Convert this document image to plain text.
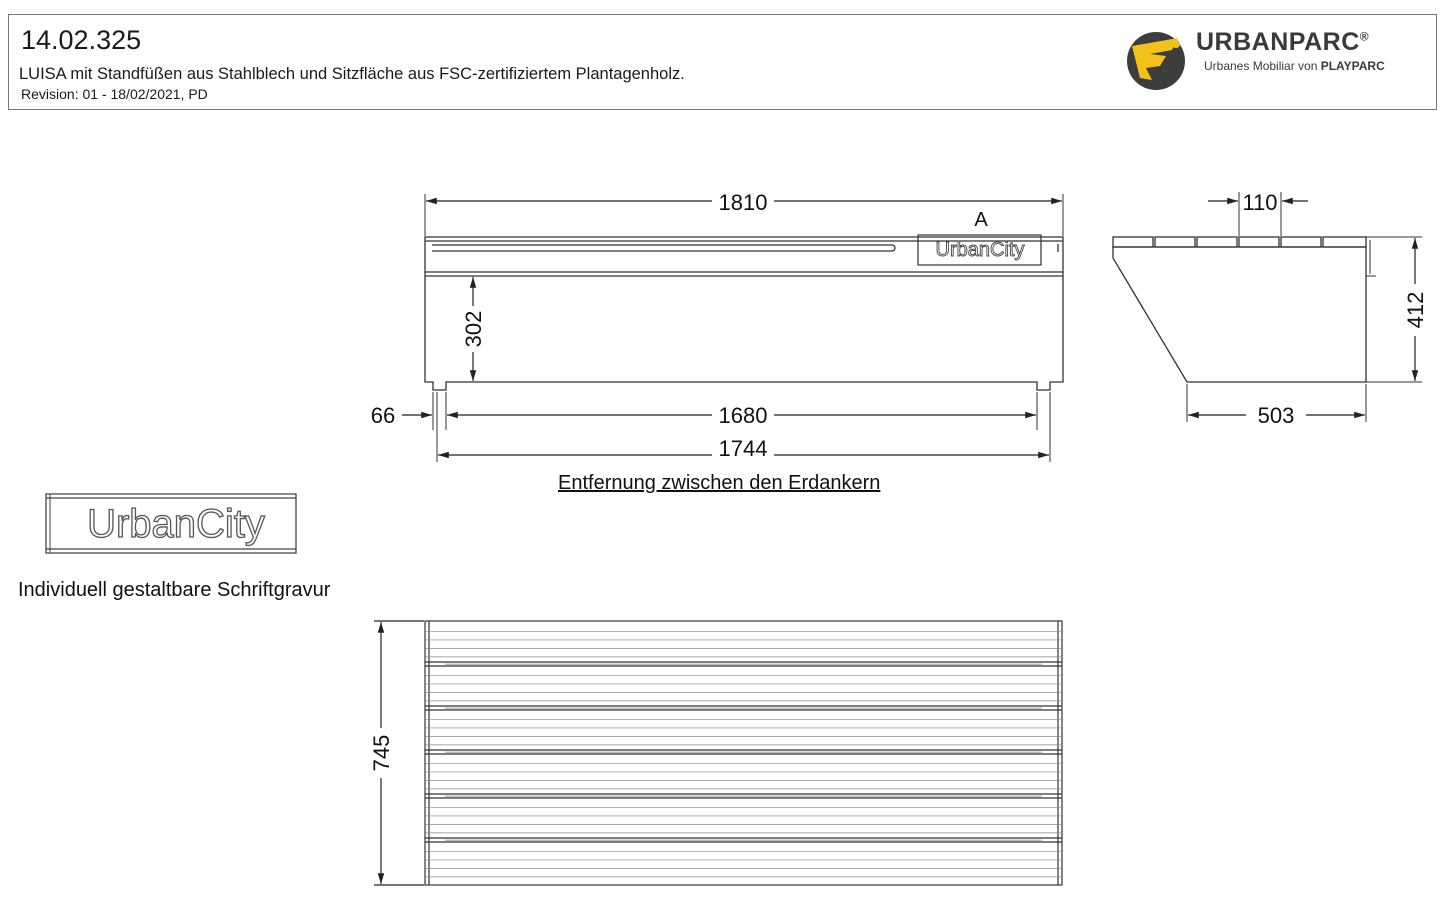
14.02.325
LUISA mit Standfüßen aus Stahlblech und Sitzfläche aus FSC-zertifiziertem Plantagenholz.
Revision: 01 - 18/02/2021, PD
URBANPARC®
Urbanes Mobiliar von PLAYPARC
1810
A
UrbanCity
302
66	1680
1744
110
412
503
UrbanCity
745
Entfernung zwischen den Erdankern
Individuell gestaltbare Schriftgravur
